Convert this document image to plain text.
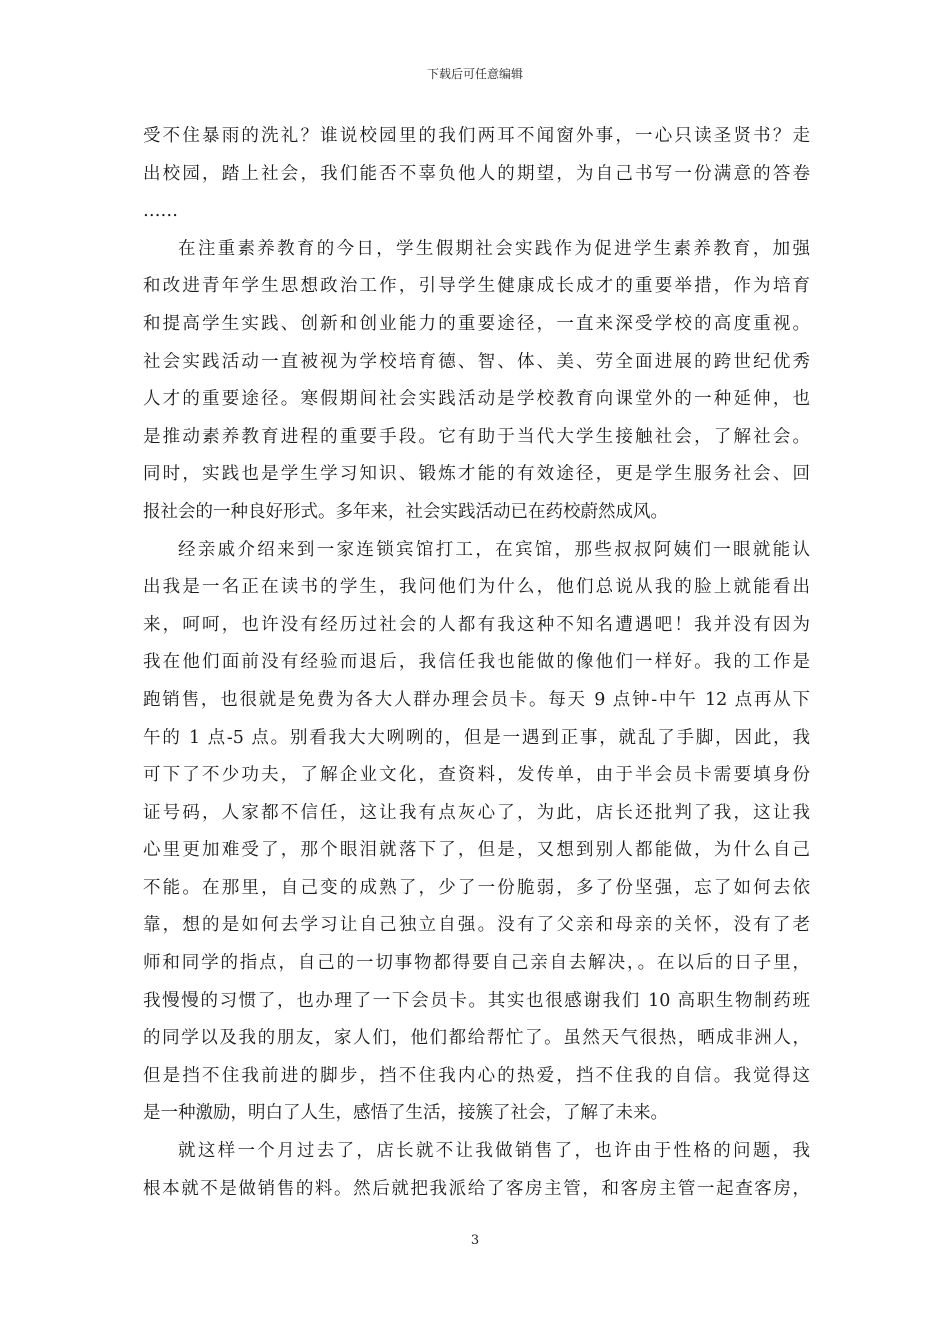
下载后可任意编辑
受不住暴雨的洗礼？谁说校园里的我们两耳不闻窗外事，一心只读圣贤书？走
出校园，踏上社会，我们能否不辜负他人的期望，为自己书写一份满意的答卷
……
在注重素养教育的今日，学生假期社会实践作为促进学生素养教育，加强
和改进青年学生思想政治工作，引导学生健康成长成才的重要举措，作为培育
和提高学生实践、创新和创业能力的重要途径，一直来深受学校的高度重视。
社会实践活动一直被视为学校培育德、智、体、美、劳全面进展的跨世纪优秀
人才的重要途径。寒假期间社会实践活动是学校教育向课堂外的一种延伸，也
是推动素养教育进程的重要手段。它有助于当代大学生接触社会，了解社会。
同时，实践也是学生学习知识、锻炼才能的有效途径，更是学生服务社会、回
报社会的一种良好形式。多年来，社会实践活动已在药校蔚然成风。
经亲戚介绍来到一家连锁宾馆打工，在宾馆，那些叔叔阿姨们一眼就能认
出我是一名正在读书的学生，我问他们为什么，他们总说从我的脸上就能看出
来，呵呵，也许没有经历过社会的人都有我这种不知名遭遇吧！我并没有因为
我在他们面前没有经验而退后，我信任我也能做的像他们一样好。我的工作是
跑销售，也很就是免费为各大人群办理会员卡。每天 9 点钟-中午 12 点再从下
午的 1 点-5 点。别看我大大咧咧的，但是一遇到正事，就乱了手脚，因此，我
可下了不少功夫，了解企业文化，查资料，发传单，由于半会员卡需要填身份
证号码，人家都不信任，这让我有点灰心了，为此，店长还批判了我，这让我
心里更加难受了，那个眼泪就落下了，但是，又想到别人都能做，为什么自己
不能。在那里，自己变的成熟了，少了一份脆弱，多了份坚强，忘了如何去依
靠，想的是如何去学习让自己独立自强。没有了父亲和母亲的关怀，没有了老
师和同学的指点，自己的一切事物都得要自己亲自去解决，。在以后的日子里，
我慢慢的习惯了，也办理了一下会员卡。其实也很感谢我们 10 高职生物制药班
的同学以及我的朋友，家人们，他们都给帮忙了。虽然天气很热，晒成非洲人，
但是挡不住我前进的脚步，挡不住我内心的热爱，挡不住我的自信。我觉得这
是一种激励，明白了人生，感悟了生活，接簇了社会，了解了未来。
就这样一个月过去了，店长就不让我做销售了，也许由于性格的问题，我
根本就不是做销售的料。然后就把我派给了客房主管，和客房主管一起查客房，
3
